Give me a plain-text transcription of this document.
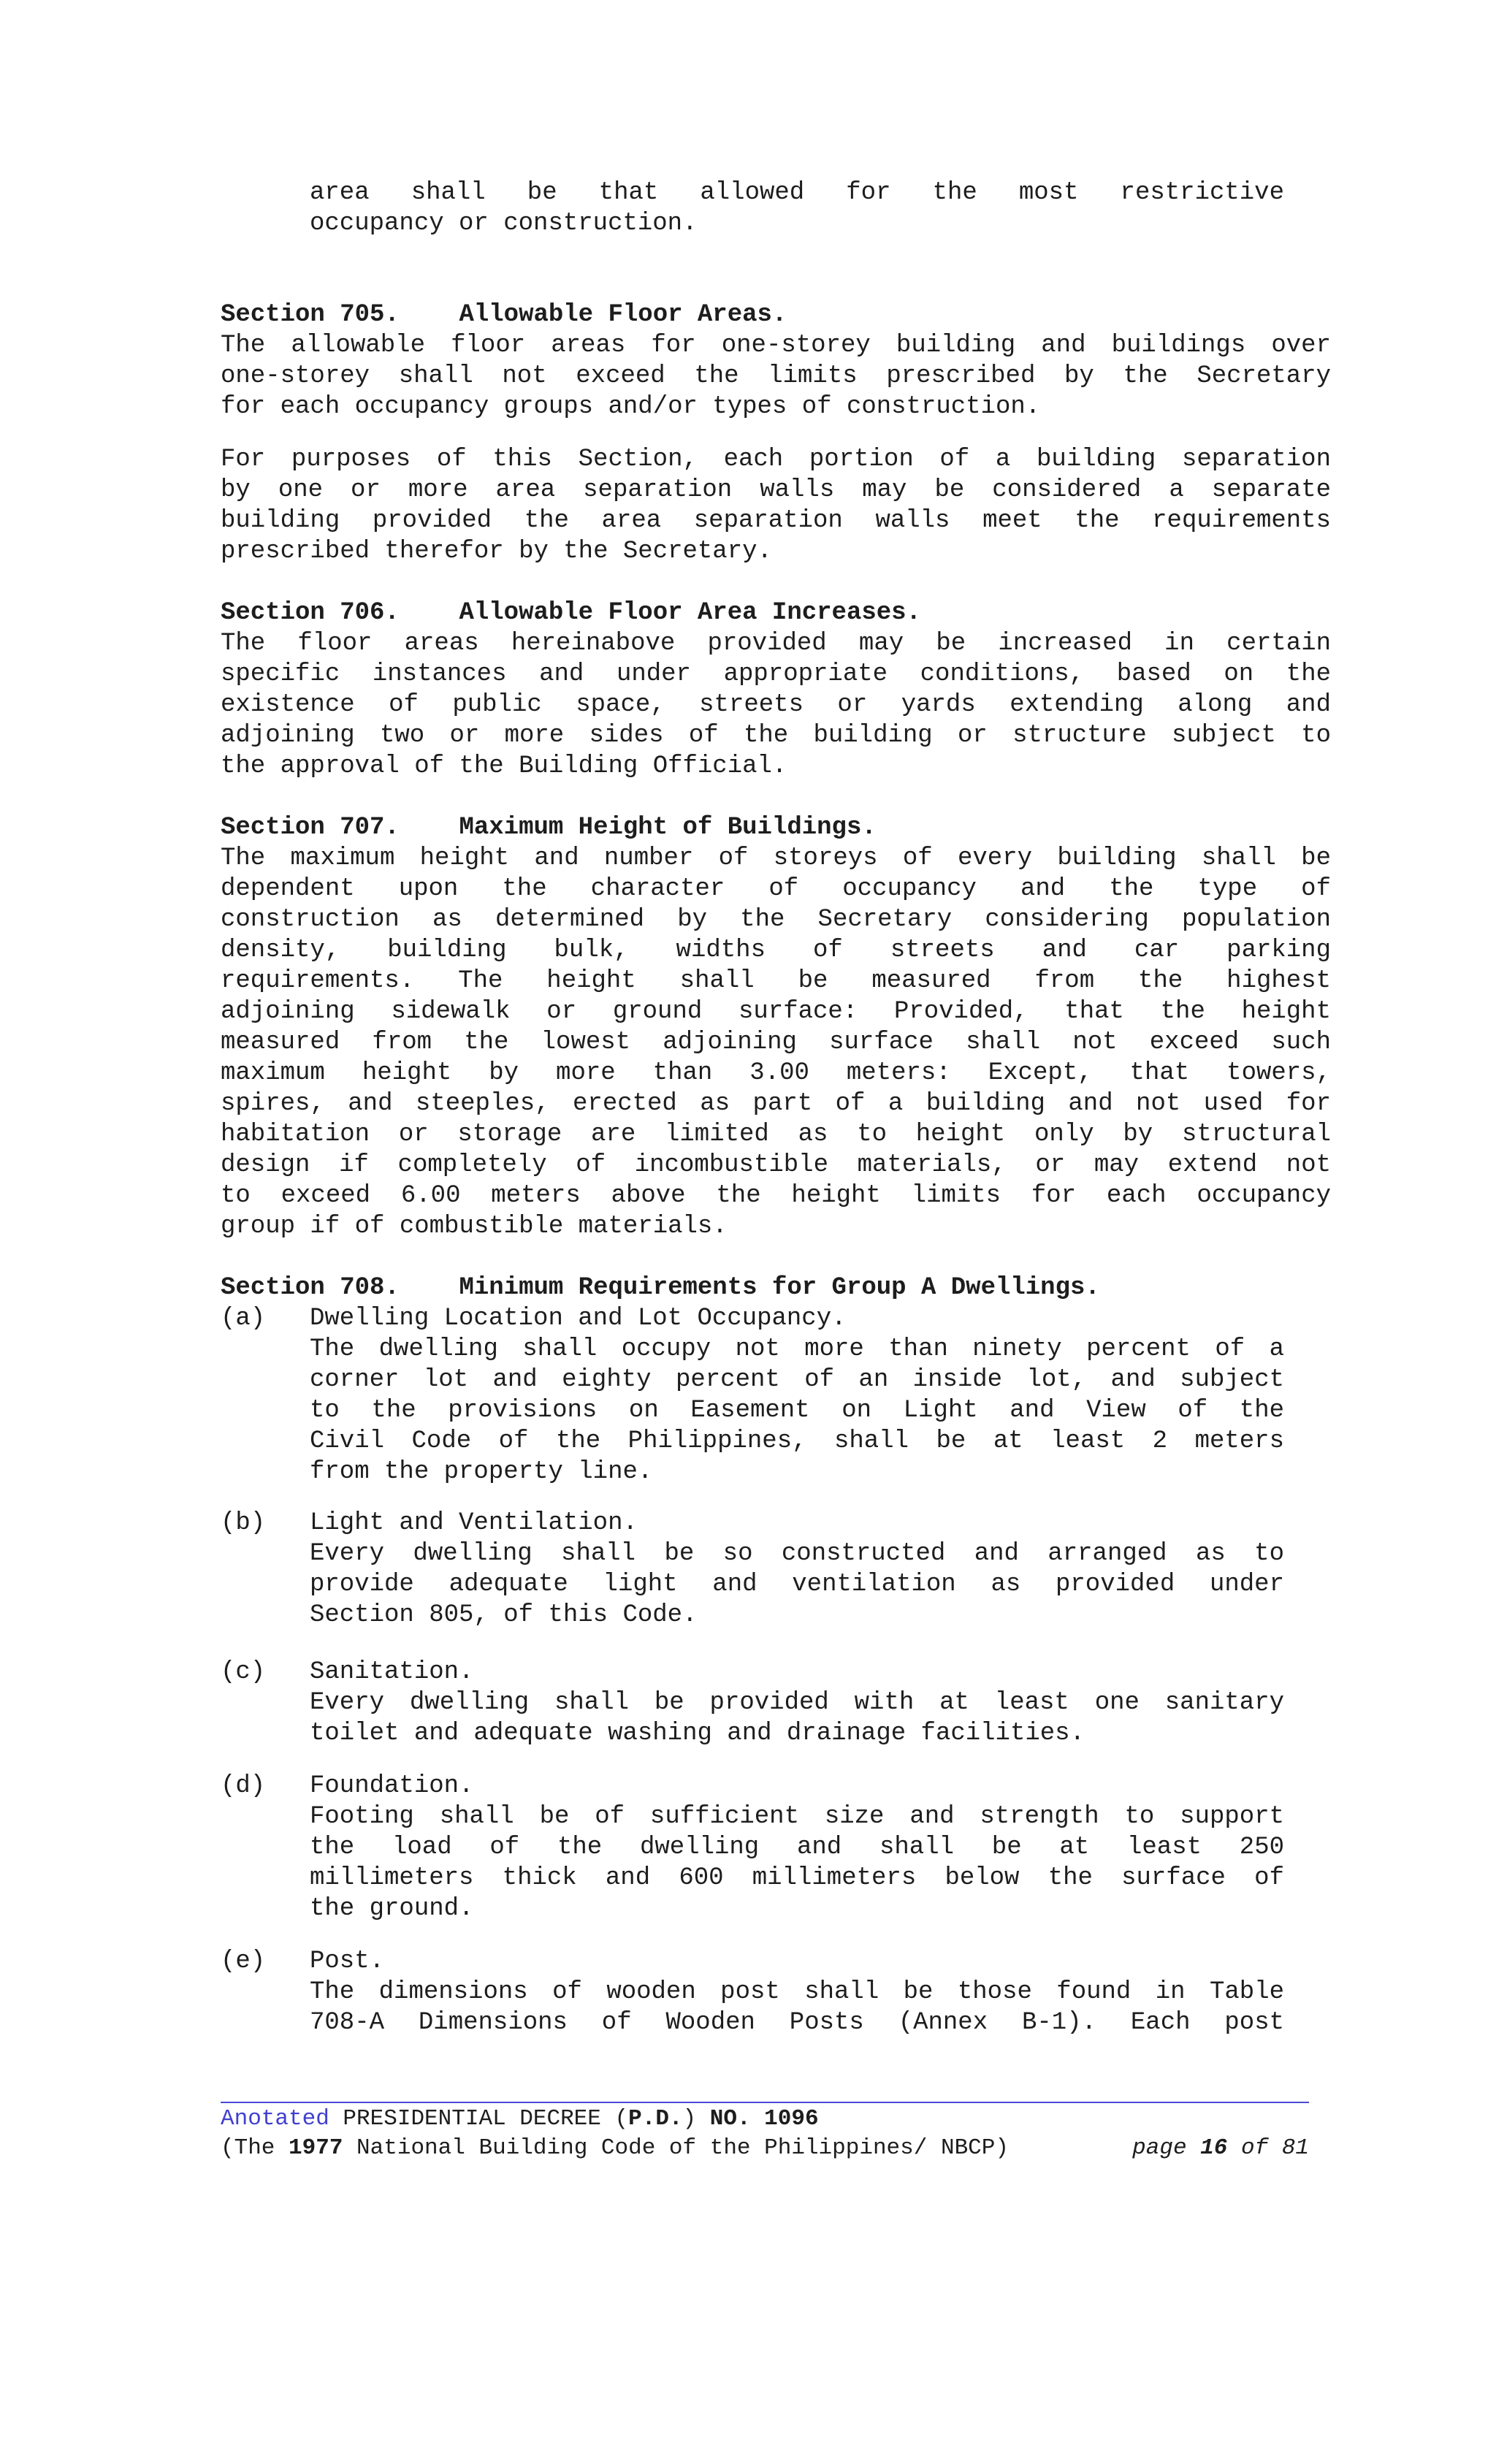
area shall be that allowed for the most restrictive
occupancy or construction.
Section 705.    Allowable Floor Areas.
The allowable floor areas for one-storey building and buildings over
one-storey shall not exceed the limits prescribed by the Secretary
for each occupancy groups and/or types of construction.
For purposes of this Section, each portion of a building separation
by one or more area separation walls may be considered a separate
building provided the area separation walls meet the requirements
prescribed therefor by the Secretary.
Section 706.    Allowable Floor Area Increases.
The floor areas hereinabove provided may be increased in certain
specific instances and under appropriate conditions, based on the
existence of public space, streets or yards extending along and
adjoining two or more sides of the building or structure subject to
the approval of the Building Official.
Section 707.    Maximum Height of Buildings.
The maximum height and number of storeys of every building shall be
dependent upon the character of occupancy and the type of
construction as determined by the Secretary considering population
density, building bulk, widths of streets and car parking
requirements. The height shall be measured from the highest
adjoining sidewalk or ground surface: Provided, that the height
measured from the lowest adjoining surface shall not exceed such
maximum height by more than 3.00 meters: Except, that towers,
spires, and steeples, erected as part of a building and not used for
habitation or storage are limited as to height only by structural
design if completely of incombustible materials, or may extend not
to exceed 6.00 meters above the height limits for each occupancy
group if of combustible materials.
Section 708.    Minimum Requirements for Group A Dwellings.
(a) Dwelling Location and Lot Occupancy.
The dwelling shall occupy not more than ninety percent of a
corner lot and eighty percent of an inside lot, and subject
to the provisions on Easement on Light and View of the
Civil Code of the Philippines, shall be at least 2 meters
from the property line.
(b) Light and Ventilation.
Every dwelling shall be so constructed and arranged as to
provide adequate light and ventilation as provided under
Section 805, of this Code.
(c) Sanitation.
Every dwelling shall be provided with at least one sanitary
toilet and adequate washing and drainage facilities.
(d) Foundation.
Footing shall be of sufficient size and strength to support
the load of the dwelling and shall be at least 250
millimeters thick and 600 millimeters below the surface of
the ground.
(e) Post.
The dimensions of wooden post shall be those found in Table
708-A Dimensions of Wooden Posts (Annex B-1). Each post
Anotated PRESIDENTIAL DECREE (P.D.) NO. 1096
(The 1977 National Building Code of the Philippines/ NBCP)	page 16 of 81
